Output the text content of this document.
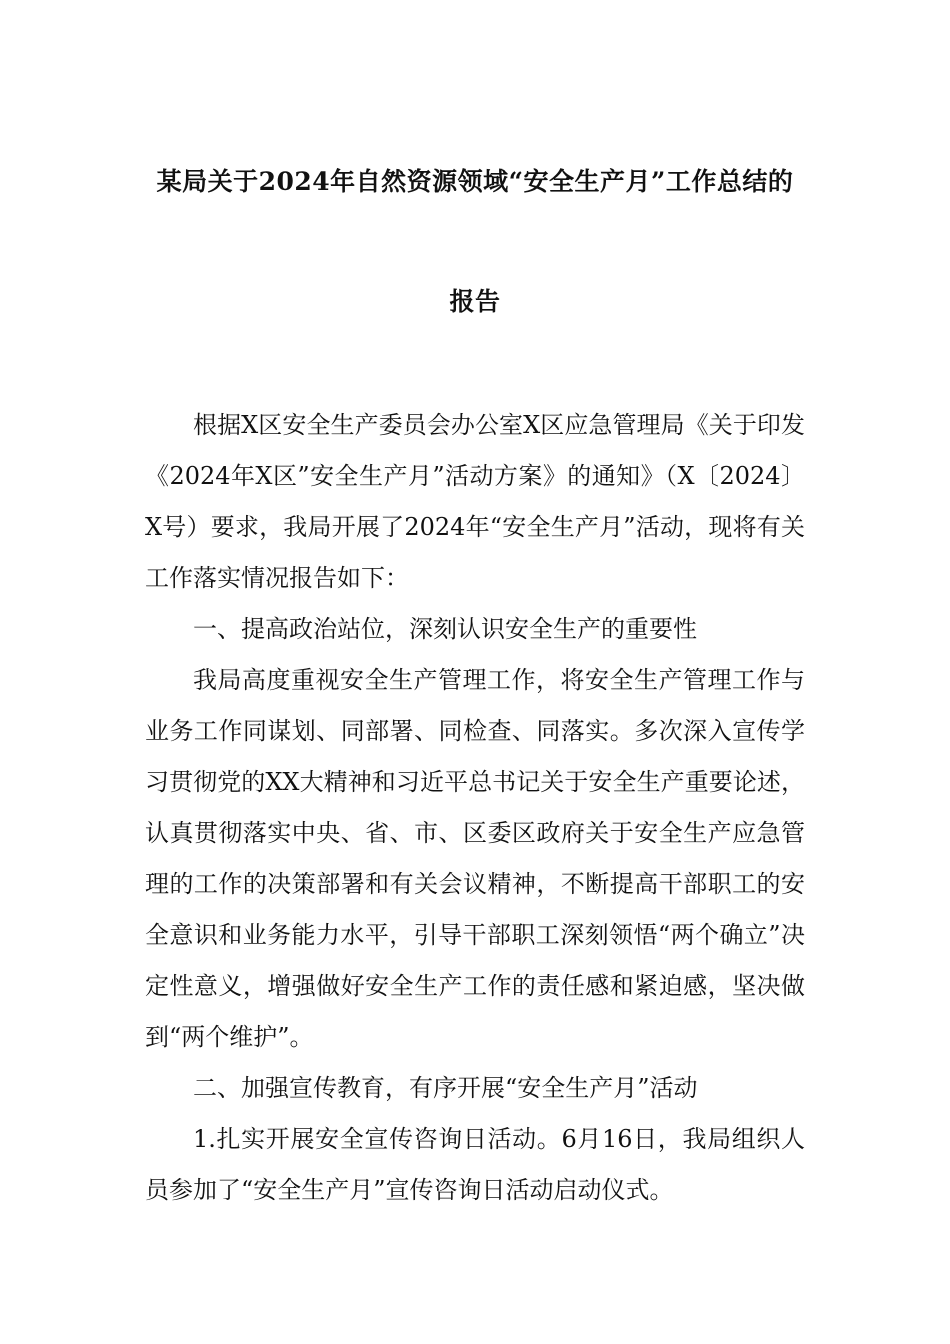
某局关于2024年自然资源领域“安全生产月”工作总结的
报告

根据X区安全生产委员会办公室X区应急管理局《关于印发《2024年X区”安全生产月”活动方案》的通知》（X〔2024〕X号）要求，我局开展了2024年“安全生产月”活动，现将有关工作落实情况报告如下：

一、提高政治站位，深刻认识安全生产的重要性

我局高度重视安全生产管理工作，将安全生产管理工作与业务工作同谋划、同部署、同检查、同落实。多次深入宣传学习贯彻党的XX大精神和习近平总书记关于安全生产重要论述，认真贯彻落实中央、省、市、区委区政府关于安全生产应急管理的工作的决策部署和有关会议精神，不断提高干部职工的安全意识和业务能力水平，引导干部职工深刻领悟“两个确立”决定性意义，增强做好安全生产工作的责任感和紧迫感，坚决做到“两个维护”。

二、加强宣传教育，有序开展“安全生产月”活动

1.扎实开展安全宣传咨询日活动。6月16日，我局组织人员参加了“安全生产月”宣传咨询日活动启动仪式。
